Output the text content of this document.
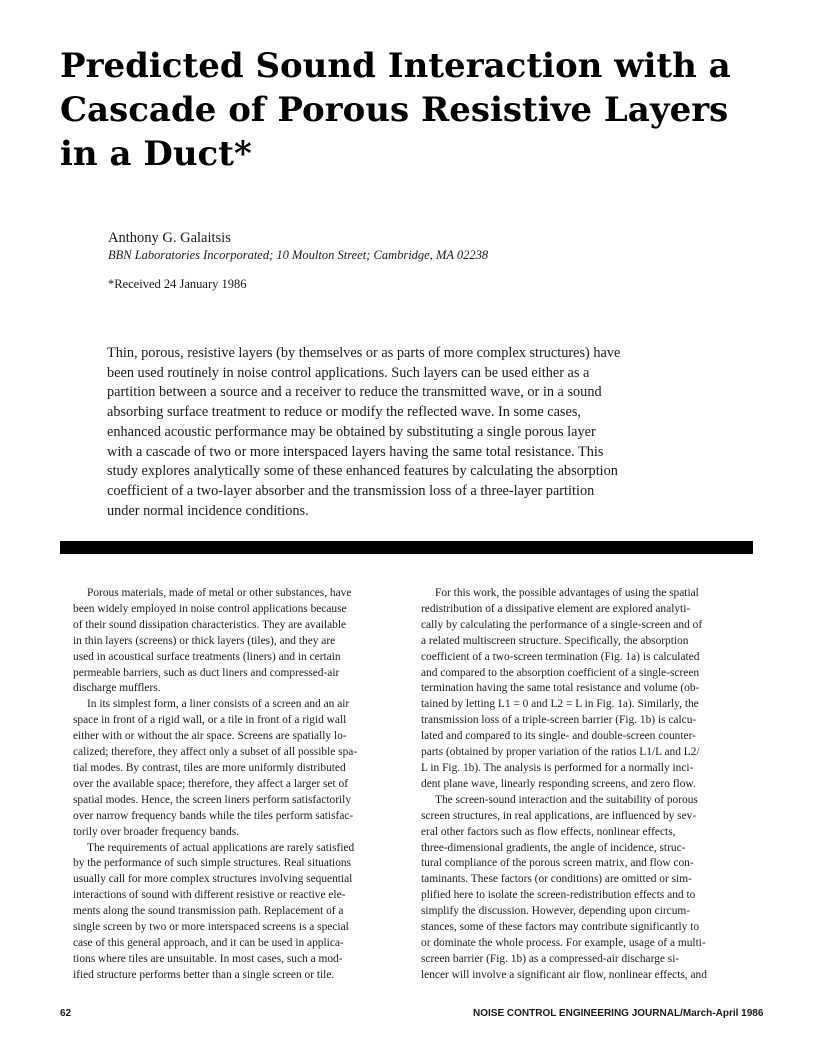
Predicted Sound Interaction with a
Cascade of Porous Resistive Layers
in a Duct*
Anthony G. Galaitsis
BBN Laboratories Incorporated; 10 Moulton Street; Cambridge, MA 02238
*Received 24 January 1986

Thin, porous, resistive layers (by themselves or as parts of more complex structures) have
been used routinely in noise control applications. Such layers can be used either as a
partition between a source and a receiver to reduce the transmitted wave, or in a sound
absorbing surface treatment to reduce or modify the reflected wave. In some cases,
enhanced acoustic performance may be obtained by substituting a single porous layer
with a cascade of two or more interspaced layers having the same total resistance. This
study explores analytically some of these enhanced features by calculating the absorption
coefficient of a two-layer absorber and the transmission loss of a three-layer partition
under normal incidence conditions.

Porous materials, made of metal or other substances, have
been widely employed in noise control applications because
of their sound dissipation characteristics. They are available
in thin layers (screens) or thick layers (tiles), and they are
used in acoustical surface treatments (liners) and in certain
permeable barriers, such as duct liners and compressed-air
discharge mufflers.
In its simplest form, a liner consists of a screen and an air
space in front of a rigid wall, or a tile in front of a rigid wall
either with or without the air space. Screens are spatially lo-
calized; therefore, they affect only a subset of all possible spa-
tial modes. By contrast, tiles are more uniformly distributed
over the available space; therefore, they affect a larger set of
spatial modes. Hence, the screen liners perform satisfactorily
over narrow frequency bands while the tiles perform satisfac-
torily over broader frequency bands.
The requirements of actual applications are rarely satisfied
by the performance of such simple structures. Real situations
usually call for more complex structures involving sequential
interactions of sound with different resistive or reactive ele-
ments along the sound transmission path. Replacement of a
single screen by two or more interspaced screens is a special
case of this general approach, and it can be used in applica-
tions where tiles are unsuitable. In most cases, such a mod-
ified structure performs better than a single screen or tile.
For this work, the possible advantages of using the spatial
redistribution of a dissipative element are explored analyti-
cally by calculating the performance of a single-screen and of
a related multiscreen structure. Specifically, the absorption
coefficient of a two-screen termination (Fig. 1a) is calculated
and compared to the absorption coefficient of a single-screen
termination having the same total resistance and volume (ob-
tained by letting L1 = 0 and L2 = L in Fig. 1a). Similarly, the
transmission loss of a triple-screen barrier (Fig. 1b) is calcu-
lated and compared to its single- and double-screen counter-
parts (obtained by proper variation of the ratios L1/L and L2/
L in Fig. 1b). The analysis is performed for a normally inci-
dent plane wave, linearly responding screens, and zero flow.
The screen-sound interaction and the suitability of porous
screen structures, in real applications, are influenced by sev-
eral other factors such as flow effects, nonlinear effects,
three-dimensional gradients, the angle of incidence, struc-
tural compliance of the porous screen matrix, and flow con-
taminants. These factors (or conditions) are omitted or sim-
plified here to isolate the screen-redistribution effects and to
simplify the discussion. However, depending upon circum-
stances, some of these factors may contribute significantly to
or dominate the whole process. For example, usage of a multi-
screen barrier (Fig. 1b) as a compressed-air discharge si-
lencer will involve a significant air flow, nonlinear effects, and
62	NOISE CONTROL ENGINEERING JOURNAL/March-April 1986
